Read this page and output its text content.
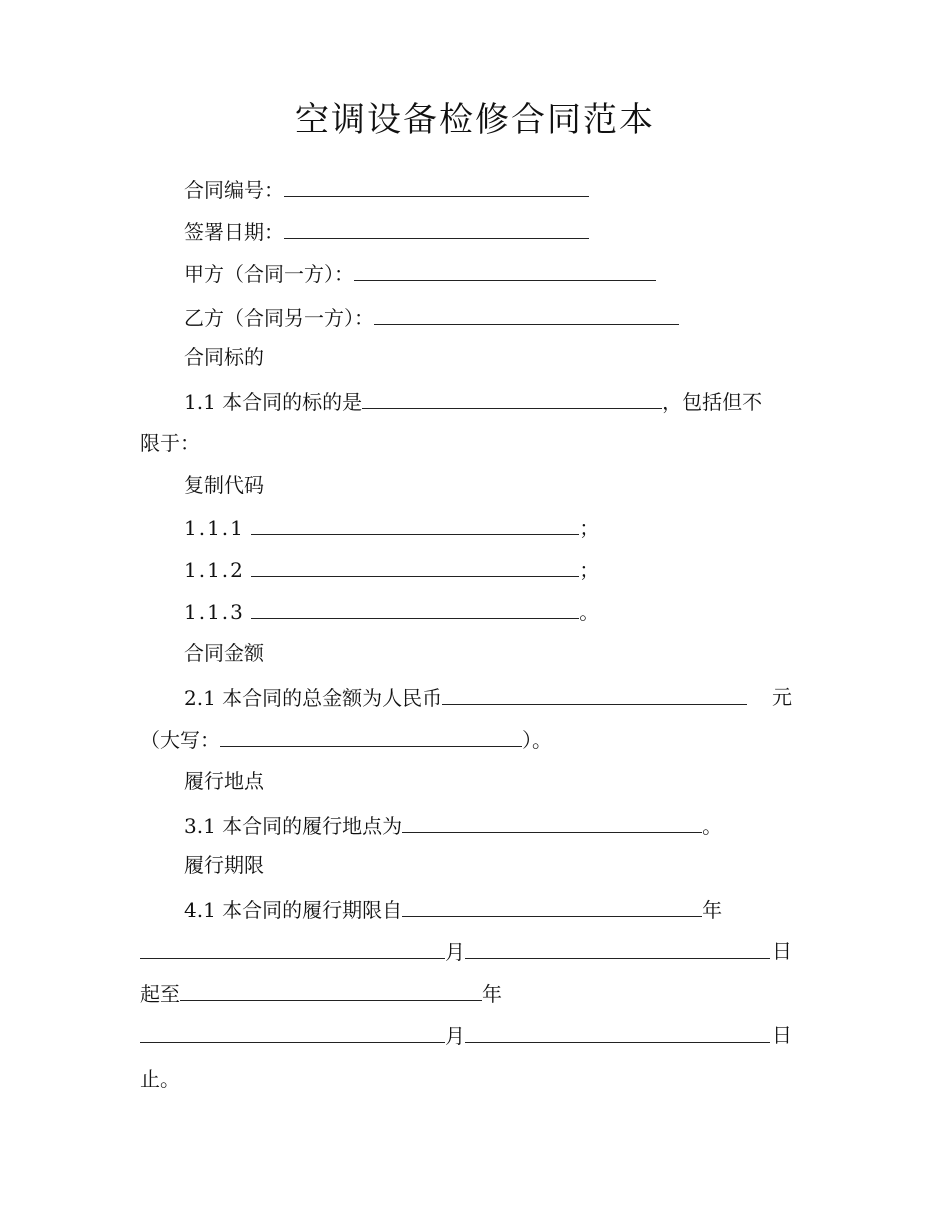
空调设备检修合同范本
合同编号：
签署日期：
甲方（合同一方）：
乙方（合同另一方）：
合同标的
1.1 本合同的标的是	，包括但不
限于：
复制代码
1.1.1	；
1.1.2	；
1.1.3	。
合同金额
2.1 本合同的总金额为人民币	元
（大写：	）。
履行地点
3.1 本合同的履行地点为	。
履行期限
4.1 本合同的履行期限自	年
月	日
起至	年
月	日
止。
